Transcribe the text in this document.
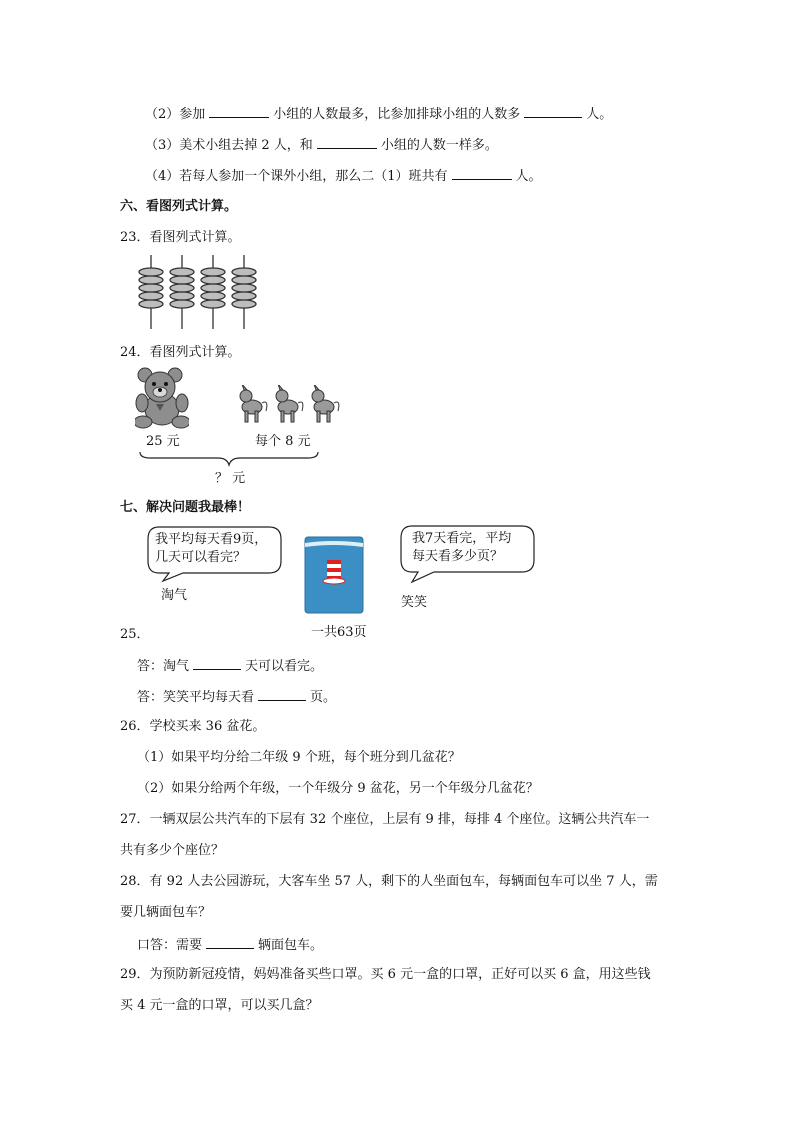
（2）参加	小组的人数最多，比参加排球小组的人数多	人。
（3）美术小组去掉 2 人，和	小组的人数一样多。
（4）若每人参加一个课外小组，那么二（1）班共有	人。
六、看图列式计算。
23．看图列式计算。
24．看图列式计算。
25 元	每个 8 元
？ 元
七、解决问题我最棒！
我平均每天看9页，
几天可以看完？
淘气
一共63页
我7天看完，平均
每天看多少页？
笑笑
25．
答：淘气	天可以看完。
答：笑笑平均每天看	页。
26．学校买来 36 盆花。
（1）如果平均分给二年级 9 个班，每个班分到几盆花？
（2）如果分给两个年级，一个年级分 9 盆花，另一个年级分几盆花？
27．一辆双层公共汽车的下层有 32 个座位，上层有 9 排，每排 4 个座位。这辆公共汽车一
共有多少个座位？
28．有 92 人去公园游玩，大客车坐 57 人，剩下的人坐面包车，每辆面包车可以坐 7 人，需
要几辆面包车？
口答：需要	辆面包车。
29．为预防新冠疫情，妈妈准备买些口罩。买 6 元一盒的口罩，正好可以买 6 盒，用这些钱
买 4 元一盒的口罩，可以买几盒？
